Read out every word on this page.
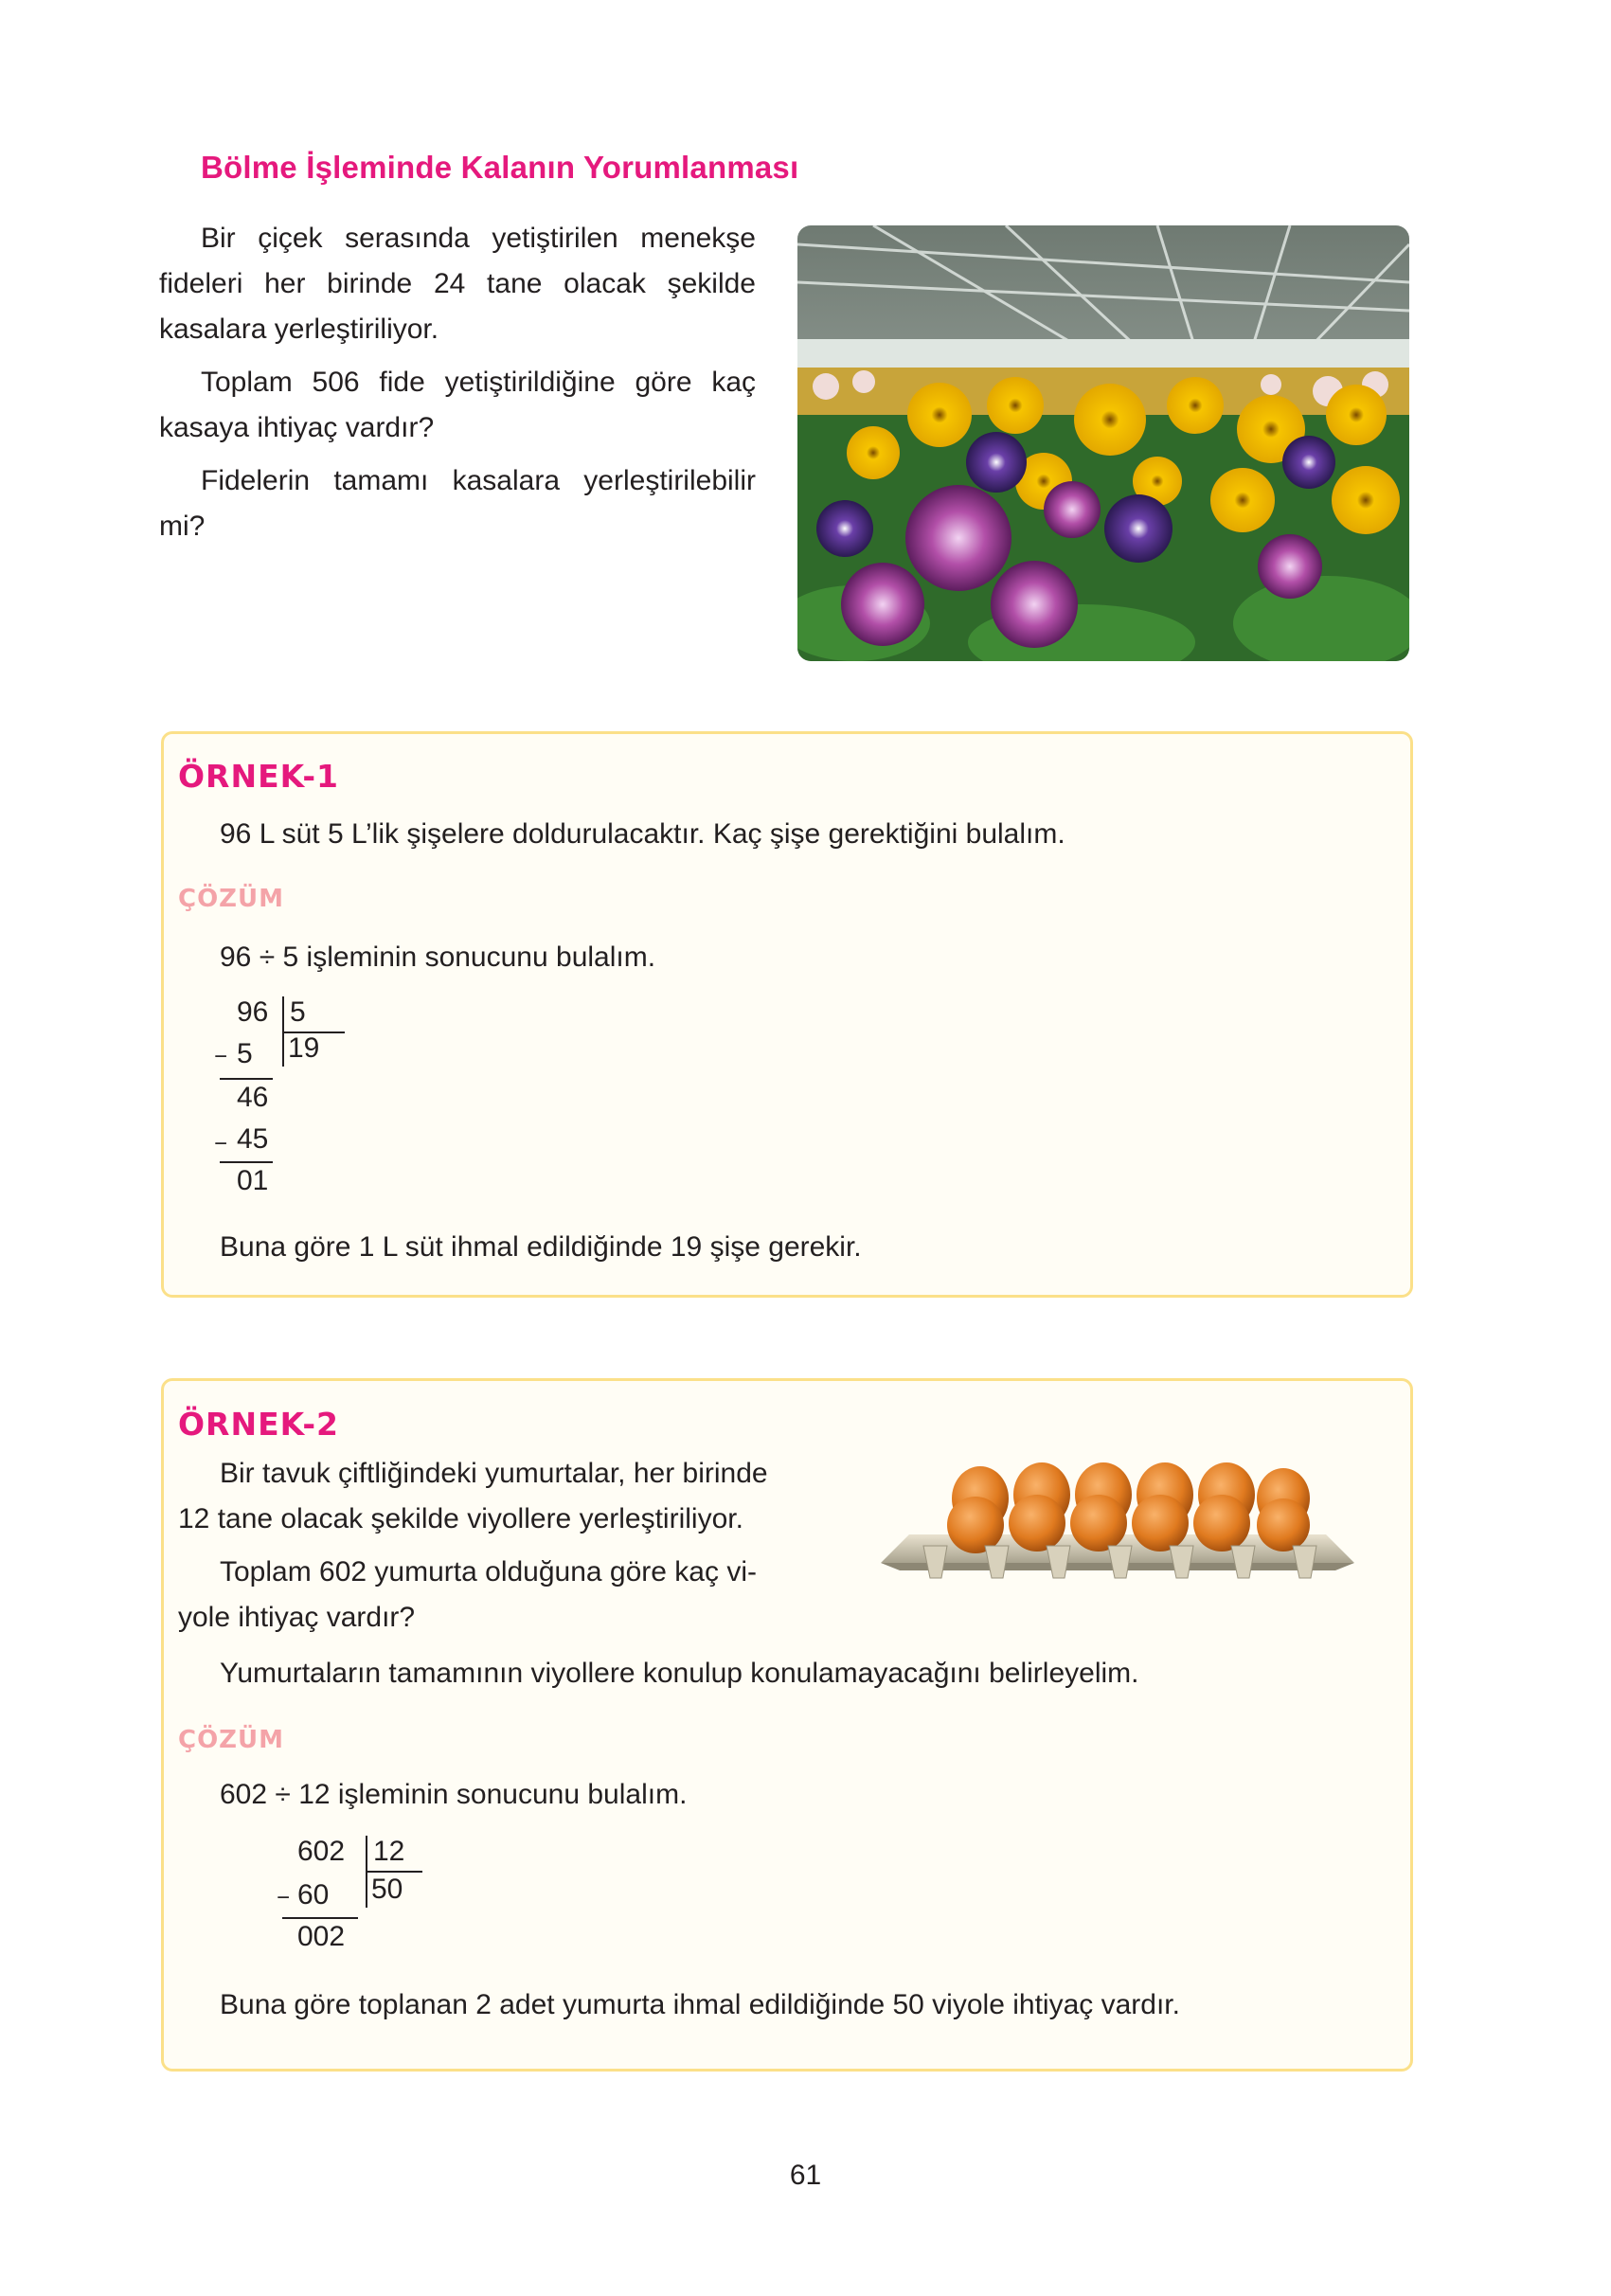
Bölme İşleminde Kalanın Yorumlanması

Bir çiçek serasında yetiştirilen menekşe fideleri her birinde 24 tane olacak şekilde kasalara yerleştiriliyor.

Toplam 506 fide yetiştirildiğine göre kaç kasaya ihtiyaç vardır?

Fidelerin tamamı kasalara yerleştirilebilir mi?

ÖRNEK-1
96 L süt 5 L’lik şişelere doldurulacaktır. Kaç şişe gerektiğini bulalım.
ÇÖZÜM
96 ÷ 5 işleminin sonucunu bulalım.
96 5
19
− 5
46
− 45
01
Buna göre 1 L süt ihmal edildiğinde 19 şişe gerekir.
ÖRNEK-2

Bir tavuk çiftliğindeki yumurtalar, her birinde

12 tane olacak şekilde viyollere yerleştiriliyor.

Toplam 602 yumurta olduğuna göre kaç vi-

yole ihtiyaç vardır?

Yumurtaların tamamının viyollere konulup konulamayacağını belirleyelim.
ÇÖZÜM
602 ÷ 12 işleminin sonucunu bulalım.
602 12
50
− 60
002
Buna göre toplanan 2 adet yumurta ihmal edildiğinde 50 viyole ihtiyaç vardır.
61
